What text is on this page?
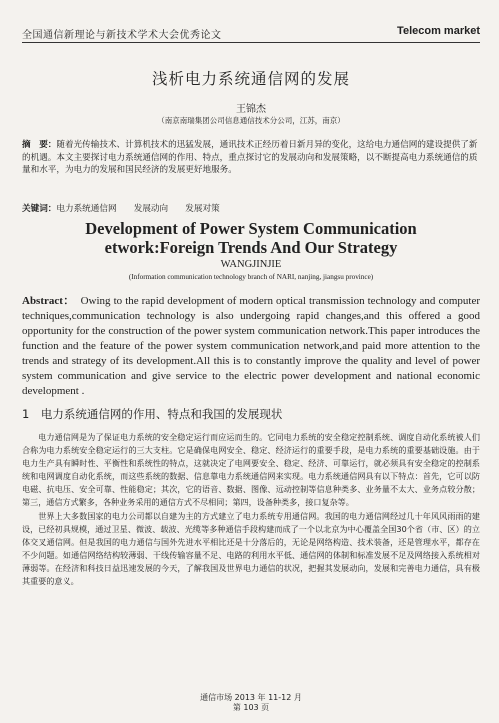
全国通信新理论与新技术学术大会优秀论文	Telecom market
浅析电力系统通信网的发展
王锦杰
（南京南瑞集团公司信息通信技术分公司，江苏，南京）
摘　要：随着光传输技术、计算机技术的迅猛发展，通讯技术正经历着日新月异的变化，这给电力通信网的建设提供了新的机遇。本文主要探讨电力系统通信网的作用、特点，重点探讨它的发展动向和发展策略，以不断提高电力系统通信的质量和水平，为电力的发展和国民经济的发展更好地服务。
关键词：电力系统通信网　　发展动向　　发展对策
Development of Power System Communication
etwork:Foreign Trends And Our Strategy
WANGJINJIE
(Information communication technology branch of NARI, nanjing, jiangsu province)
Abstract： Owing to the rapid development of modern optical transmission technology and computer techniques,communication technology is also undergoing rapid changes,and this offered a good opportunity for the construction of the power system communication network.This paper introduces the function and the feature of the power system communication network,and paid more attention to the trends and strategy of its development.All this is to constantly improve the quality and level of power system communication and give service to the electric power development and national economic development .
1　电力系统通信网的作用、特点和我国的发展现状

电力通信网是为了保证电力系统的安全稳定运行而应运而生的。它同电力系统的安全稳定控制系统、调度自动化系统被人们合称为电力系统安全稳定运行的三大支柱。它是确保电网安全、稳定、经济运行的重要手段，是电力系统的重要基础设施。由于电力生产具有瞬时性、平衡性和系统性的特点，这就决定了电网要安全、稳定、经济、可靠运行，就必须具有安全稳定的控制系统和电网调度自动化系统，而这些系统的数据、信息靠电力系统通信网来实现。电力系统通信网具有以下特点：首先，它可以防电磁、抗电压、安全可靠、性能稳定；其次，它的语音、数据、图像、远动控制等信息种类多、业务量不太大、业务点较分散；第三，通信方式繁多，各种业务采用的通信方式不尽相同；第四，设备种类多，接口复杂等。

世界上大多数国家的电力公司都以自建为主的方式建立了电力系统专用通信网。我国的电力通信网经过几十年风风雨雨的建设，已经初具规模，通过卫星、微波、载波、光缆等多种通信手段构建而成了一个以北京为中心覆盖全国30个省（市、区）的立体交叉通信网。但是我国的电力通信与国外先进水平相比还是十分落后的，无论是网络构造、技术装备，还是管理水平，都存在不少问题。如通信网络结构较薄弱、干线传输容量不足、电路的利用水平低、通信网的体制和标准发展不足及网络接入系统相对薄弱等。在经济和科技日益迅速发展的今天，了解我国及世界电力通信的状况，把握其发展动向，发展和完善电力通信，具有极其重要的意义。

通信市场 2013 年 11-12 月
第 103 页
